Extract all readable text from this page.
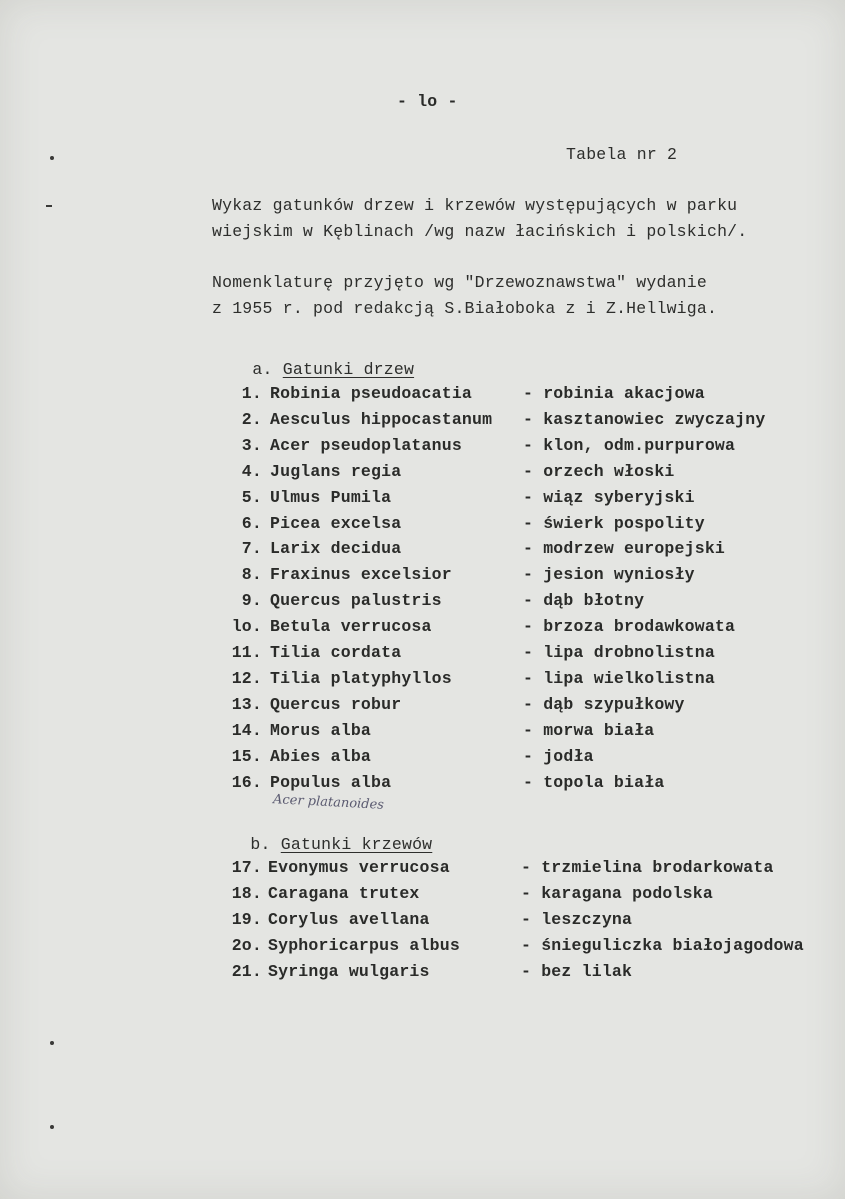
- lo -
Tabela nr 2
Wykaz gatunków drzew i krzewów występujących w parku
wiejskim w Kęblinach /wg nazw łacińskich i polskich/.
Nomenklaturę przyjęto wg "Drzewoznawstwa" wydanie
z 1955 r. pod redakcją S.Białoboka z i Z.Hellwiga.

a. Gatunki drzew

1. Robinia pseudoacatia	- robinia akacjowa
2. Aesculus hippocastanum - kasztanowiec zwyczajny
3. Acer pseudoplatanus	- klon, odm.purpurowa
4. Juglans regia	- orzech włoski
5. Ulmus Pumila	- wiąz syberyjski
6. Picea excelsa	- świerk pospolity
7. Larix decidua	- modrzew europejski
8. Fraxinus excelsior	- jesion wyniosły
9. Quercus palustris	- dąb błotny
lo. Betula verrucosa	- brzoza brodawkowata
11. Tilia cordata	- lipa drobnolistna
12. Tilia platyphyllos	- lipa wielkolistna
13. Quercus robur	- dąb szypułkowy
14. Morus alba	- morwa biała
15. Abies alba	- jodła
16. Populus alba	- topola biała
Acer platanoides

b. Gatunki krzewów

17. Evonymus verrucosa	- trzmielina brodarkowata
18. Caragana trutex	- karagana podolska
19. Corylus avellana	- leszczyna
2o. Syphoricarpus albus	- śnieguliczka białojagodowa
21. Syringa wulgaris	- bez lilak
